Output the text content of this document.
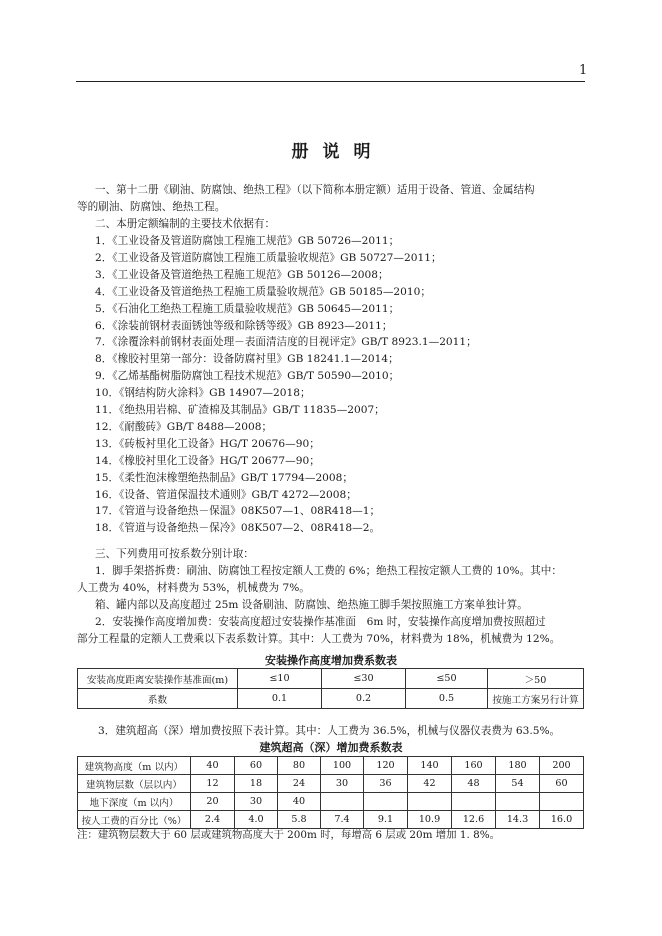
1
册说明
一、第十二册《刷油、防腐蚀、绝热工程》（以下简称本册定额）适用于设备、管道、金属结构
等的刷油、防腐蚀、绝热工程。
二、本册定额编制的主要技术依据有：
1．《工业设备及管道防腐蚀工程施工规范》GB 50726—2011；
2．《工业设备及管道防腐蚀工程施工质量验收规范》GB 50727—2011；
3．《工业设备及管道绝热工程施工规范》GB 50126—2008；
4．《工业设备及管道绝热工程施工质量验收规范》GB 50185—2010；
5．《石油化工绝热工程施工质量验收规范》GB 50645—2011；
6．《涂装前钢材表面锈蚀等级和除锈等级》GB 8923—2011；
7．《涂覆涂料前钢材表面处理－表面清洁度的目视评定》GB/T 8923.1—2011；
8．《橡胶衬里第一部分：设备防腐衬里》GB 18241.1—2014；
9．《乙烯基酯树脂防腐蚀工程技术规范》GB/T 50590—2010；
10．《钢结构防火涂料》GB 14907—2018；
11．《绝热用岩棉、矿渣棉及其制品》GB/T 11835—2007；
12．《耐酸砖》GB/T 8488—2008；
13．《砖板衬里化工设备》HG/T 20676—90；
14．《橡胶衬里化工设备》HG/T 20677—90；
15．《柔性泡沫橡塑绝热制品》GB/T 17794—2008；
16．《设备、管道保温技术通则》GB/T 4272—2008；
17．《管道与设备绝热－保温》08K507—1、08R418—1；
18．《管道与设备绝热－保冷》08K507—2、08R418—2。
三、下列费用可按系数分别计取：
1．脚手架搭拆费：刷油、防腐蚀工程按定额人工费的 6%；绝热工程按定额人工费的 10%。其中：
人工费为 40%，材料费为 53%，机械费为 7%。
箱、罐内部以及高度超过 25m 设备刷油、防腐蚀、绝热施工脚手架按照施工方案单独计算。
2．安装操作高度增加费：安装高度超过安装操作基准面　6m 时，安装操作高度增加费按照超过
部分工程量的定额人工费乘以下表系数计算。其中：人工费为 70%，材料费为 18%，机械费为 12%。
安装操作高度增加费系数表
安装高度距离安装操作基准面(m)	≤10	≤30	≤50	＞50
系数	0.1	0.2	0.5	按施工方案另行计算
3．建筑超高（深）增加费按照下表计算。其中：人工费为 36.5%，机械与仪器仪表费为 63.5%。
建筑超高（深）增加费系数表
建筑物高度（m 以内）	40	60	80	100	120	140	160	180	200
建筑物层数（层以内）	12	18	24	30	36	42	48	54	60
地下深度（m 以内）	20	30	40						
按人工费的百分比（%）	2.4	4.0	5.8	7.4	9.1	10.9	12.6	14.3	16.0
注：建筑物层数大于 60 层或建筑物高度大于 200m 时，每增高 6 层或 20m 增加 1. 8%。
